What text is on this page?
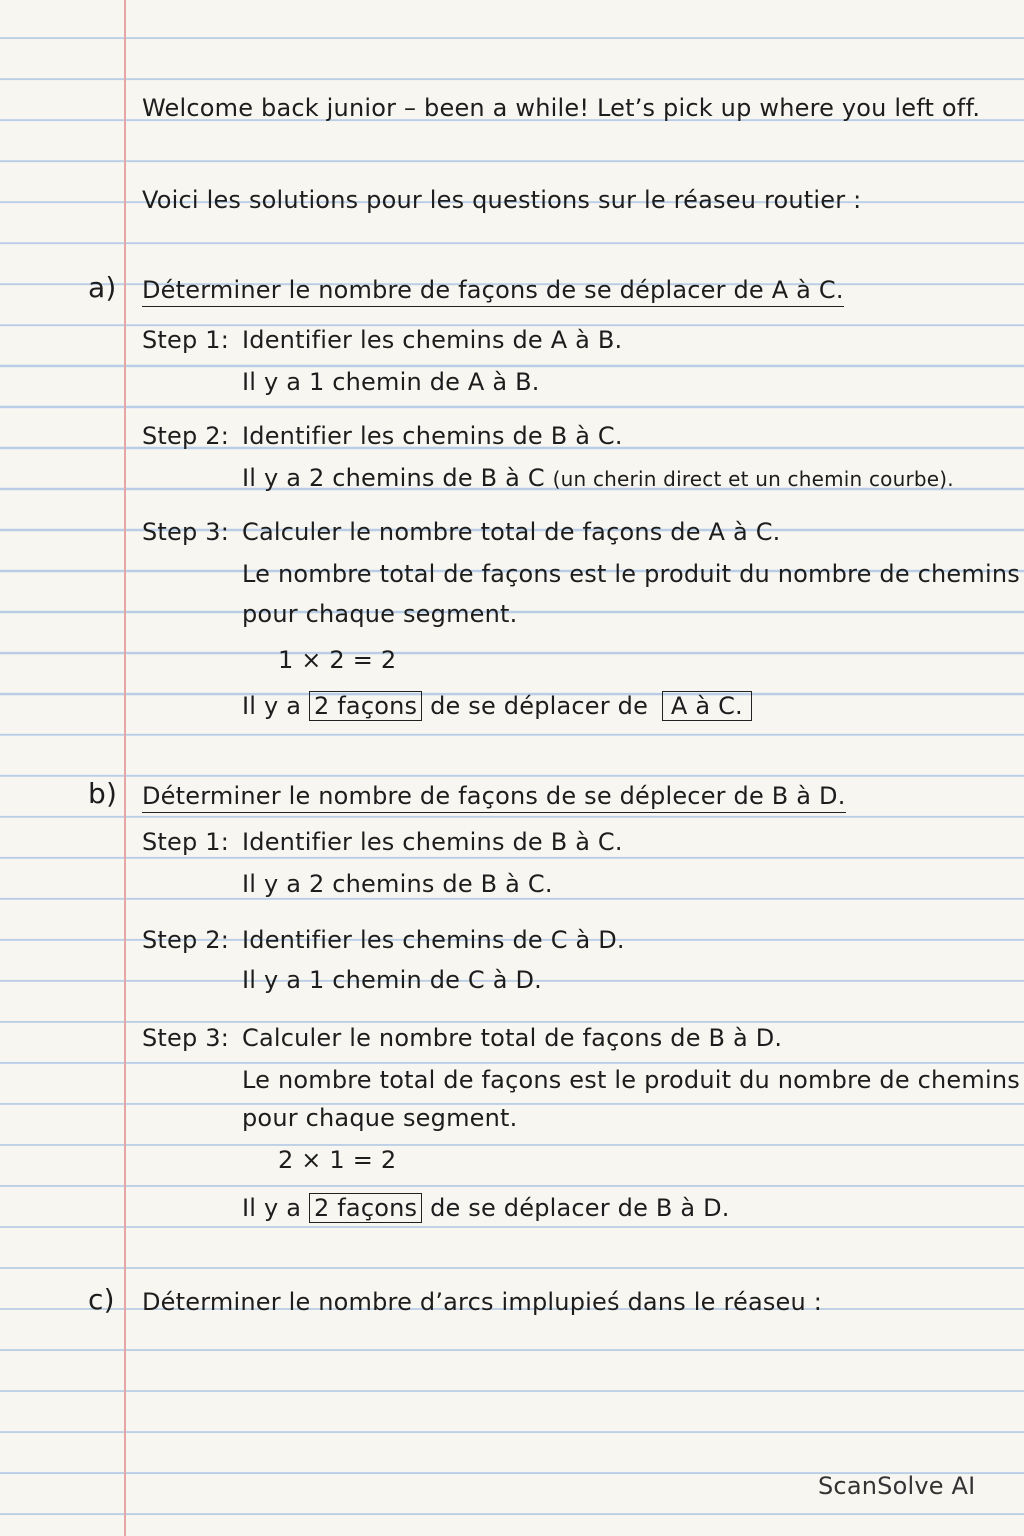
Welcome back junior – been a while! Let’s pick up where you left off.
Voici les solutions pour les questions sur le réaseu routier :
a) Déterminer le nombre de façons de se déplacer de A à C.
Step 1: Identifier les chemins de A à B.
Il y a 1 chemin de A à B.
Step 2: Identifier les chemins de B à C.
Il y a 2 chemins de B à C (un cherin direct et un chemin courbe).
Step 3: Calculer le nombre total de façons de A à C.
Le nombre total de façons est le produit du nombre de chemins
pour chaque segment.
1 × 2 = 2
Il y a 2 façons de se déplacer de A à C.
b) Déterminer le nombre de façons de se déplecer de B à D.
Step 1: Identifier les chemins de B à C.
Il y a 2 chemins de B à C.
Step 2: Identifier les chemins de C à D.
Il y a 1 chemin de C à D.
Step 3: Calculer le nombre total de façons de B à D.
Le nombre total de façons est le produit du nombre de chemins
pour chaque segment.
2 × 1 = 2
Il y a 2 façons de se déplacer de B à D.
c) Déterminer le nombre d’arcs implupieś dans le réaseu :
ScanSolve AI
